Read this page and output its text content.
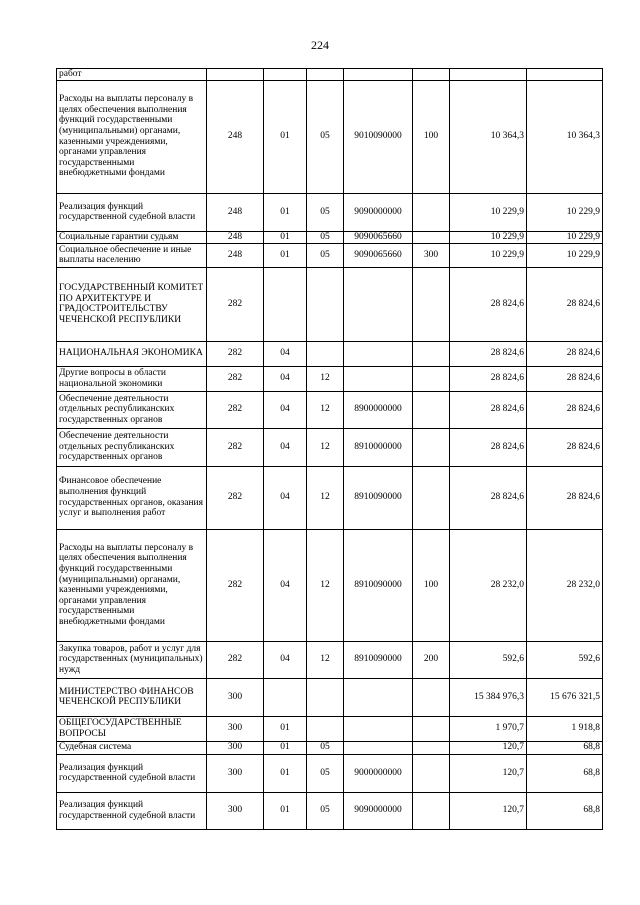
224
работ							
Расходы на выплаты персоналу в целях обеспечения выполнения функций государственными (муниципальными) органами, казенными учреждениями, органами управления государственными внебюджетными фондами	248	01	05	9010090000	100	10 364,3	10 364,3
Реализация функций государственной судебной власти	248	01	05	9090000000		10 229,9	10 229,9
Социальные гарантии судьям	248	01	05	9090065660		10 229,9	10 229,9
Социальное обеспечение и иные выплаты населению	248	01	05	9090065660	300	10 229,9	10 229,9
ГОСУДАРСТВЕННЫЙ КОМИТЕТ ПО АРХИТЕКТУРЕ И ГРАДОСТРОИТЕЛЬСТВУ ЧЕЧЕНСКОЙ РЕСПУБЛИКИ	282					28 824,6	28 824,6
НАЦИОНАЛЬНАЯ ЭКОНОМИКА	282	04				28 824,6	28 824,6
Другие вопросы в области национальной экономики	282	04	12			28 824,6	28 824,6
Обеспечение деятельности отдельных республиканских государственных органов	282	04	12	8900000000		28 824,6	28 824,6
Обеспечение деятельности отдельных республиканских государственных органов	282	04	12	8910000000		28 824,6	28 824,6
Финансовое обеспечение выполнения функций государственных органов, оказания услуг и выполнения работ	282	04	12	8910090000		28 824,6	28 824,6
Расходы на выплаты персоналу в целях обеспечения выполнения функций государственными (муниципальными) органами, казенными учреждениями, органами управления государственными внебюджетными фондами	282	04	12	8910090000	100	28 232,0	28 232,0
Закупка товаров, работ и услуг для государственных (муниципальных) нужд	282	04	12	8910090000	200	592,6	592,6
МИНИСТЕРСТВО ФИНАНСОВ ЧЕЧЕНСКОЙ РЕСПУБЛИКИ	300					15 384 976,3	15 676 321,5
ОБЩЕГОСУДАРСТВЕННЫЕ ВОПРОСЫ	300	01				1 970,7	1 918,8
Судебная система	300	01	05			120,7	68,8
Реализация функций государственной судебной власти	300	01	05	9000000000		120,7	68,8
Реализация функций государственной судебной власти	300	01	05	9090000000		120,7	68,8
